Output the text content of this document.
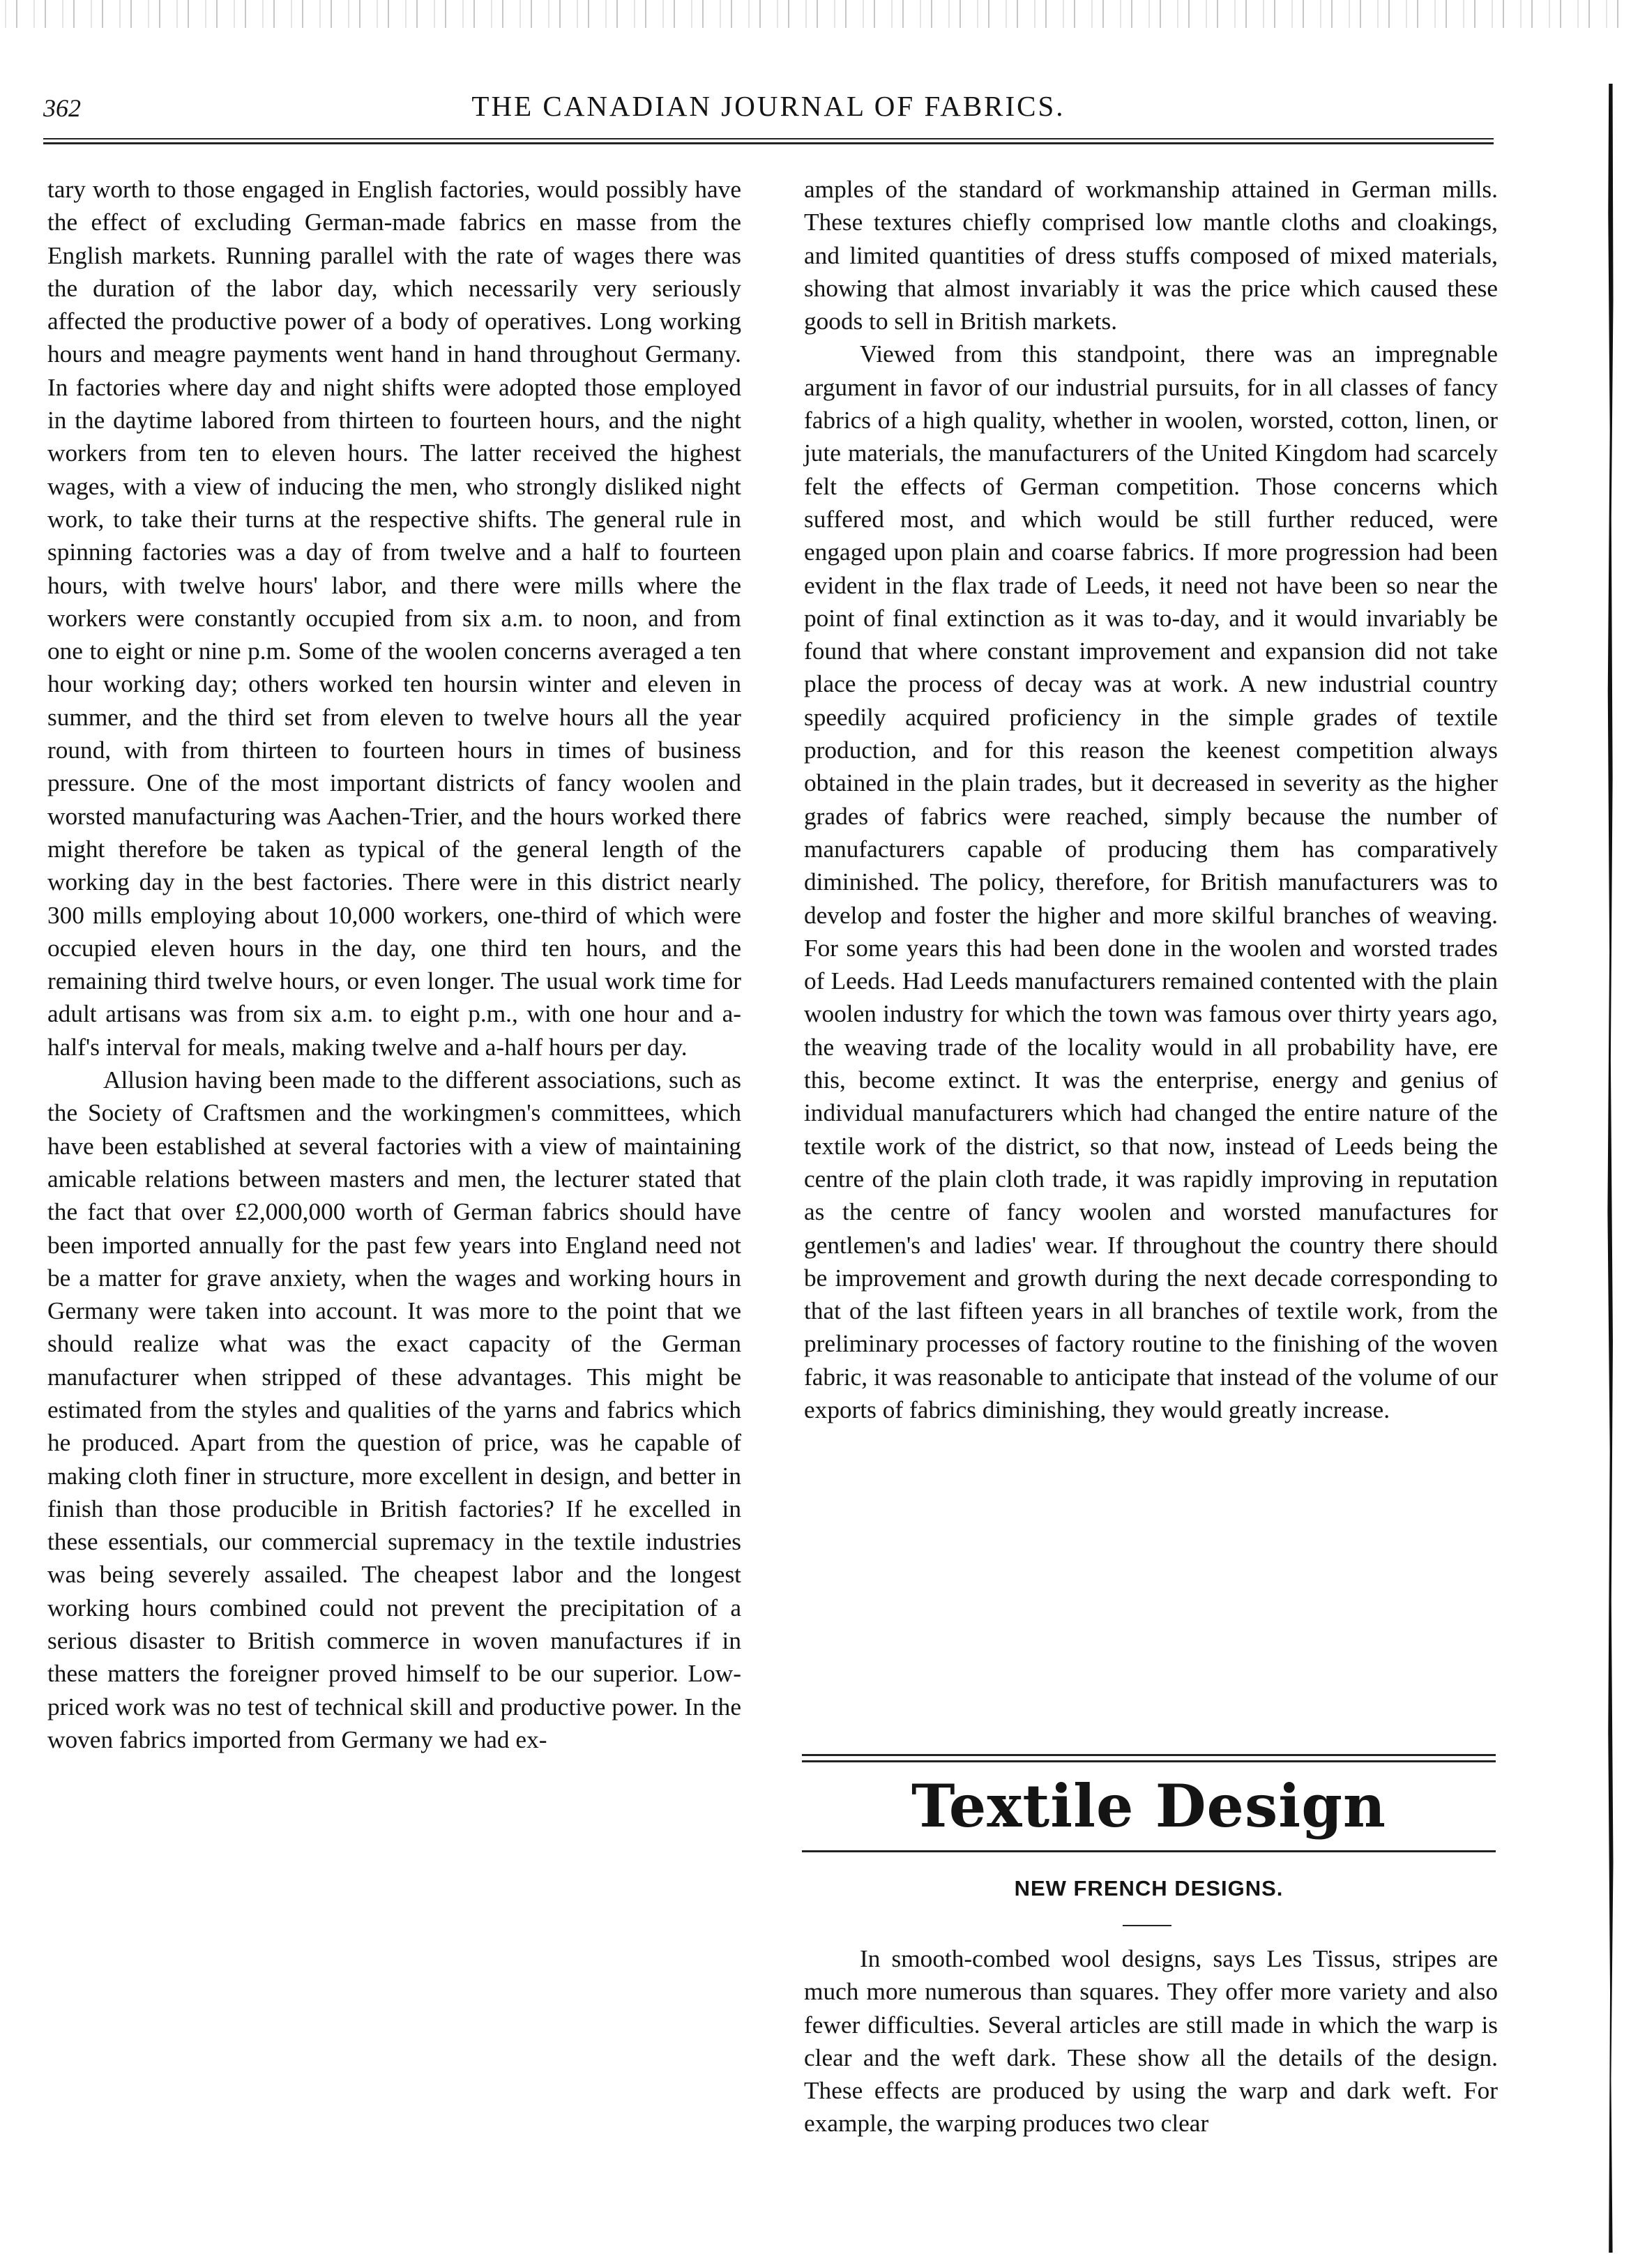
362	THE CANADIAN JOURNAL OF FABRICS.

tary worth to those engaged in English factories, would possibly have the effect of excluding German-made fabrics en masse from the English markets. Running parallel with the rate of wages there was the duration of the labor day, which necessarily very seriously affected the productive power of a body of operatives. Long working hours and meagre payments went hand in hand throughout Germany. In factories where day and night shifts were adopted those employed in the daytime labored from thirteen to fourteen hours, and the night workers from ten to eleven hours. The latter received the highest wages, with a view of inducing the men, who strongly disliked night work, to take their turns at the respective shifts. The general rule in spinning factories was a day of from twelve and a half to fourteen hours, with twelve hours' labor, and there were mills where the workers were constantly occupied from six a.m. to noon, and from one to eight or nine p.m. Some of the woolen concerns averaged a ten hour working day; others worked ten hoursin winter and eleven in summer, and the third set from eleven to twelve hours all the year round, with from thirteen to fourteen hours in times of business pressure. One of the most important districts of fancy woolen and worsted manufacturing was Aachen-Trier, and the hours worked there might therefore be taken as typical of the general length of the working day in the best factories. There were in this district nearly 300 mills employing about 10,000 workers, one-third of which were occupied eleven hours in the day, one third ten hours, and the remaining third twelve hours, or even longer. The usual work time for adult artisans was from six a.m. to eight p.m., with one hour and a-half's interval for meals, making twelve and a-half hours per day.

Allusion having been made to the different associations, such as the Society of Craftsmen and the workingmen's committees, which have been established at several factories with a view of maintaining amicable relations between masters and men, the lecturer stated that the fact that over £2,000,000 worth of German fabrics should have been imported annually for the past few years into England need not be a matter for grave anxiety, when the wages and working hours in Germany were taken into account. It was more to the point that we should realize what was the exact capacity of the German manufacturer when stripped of these advantages. This might be estimated from the styles and qualities of the yarns and fabrics which he produced. Apart from the question of price, was he capable of making cloth finer in structure, more excellent in design, and better in finish than those producible in British factories? If he excelled in these essentials, our commercial supremacy in the textile industries was being severely assailed. The cheapest labor and the longest working hours combined could not prevent the precipitation of a serious disaster to British commerce in woven manufactures if in these matters the foreigner proved himself to be our superior. Low-priced work was no test of technical skill and productive power. In the woven fabrics imported from Germany we had ex-

amples of the standard of workmanship attained in German mills. These textures chiefly comprised low mantle cloths and cloakings, and limited quantities of dress stuffs composed of mixed materials, showing that almost invariably it was the price which caused these goods to sell in British markets.

Viewed from this standpoint, there was an impregnable argument in favor of our industrial pursuits, for in all classes of fancy fabrics of a high quality, whether in woolen, worsted, cotton, linen, or jute materials, the manufacturers of the United Kingdom had scarcely felt the effects of German competition. Those concerns which suffered most, and which would be still further reduced, were engaged upon plain and coarse fabrics. If more progression had been evident in the flax trade of Leeds, it need not have been so near the point of final extinction as it was to-day, and it would invariably be found that where constant improvement and expansion did not take place the process of decay was at work. A new industrial country speedily acquired proficiency in the simple grades of textile production, and for this reason the keenest competition always obtained in the plain trades, but it decreased in severity as the higher grades of fabrics were reached, simply because the number of manufacturers capable of producing them has comparatively diminished. The policy, therefore, for British manufacturers was to develop and foster the higher and more skilful branches of weaving. For some years this had been done in the woolen and worsted trades of Leeds. Had Leeds manufacturers remained contented with the plain woolen industry for which the town was famous over thirty years ago, the weaving trade of the locality would in all probability have, ere this, become extinct. It was the enterprise, energy and genius of individual manufacturers which had changed the entire nature of the textile work of the district, so that now, instead of Leeds being the centre of the plain cloth trade, it was rapidly improving in reputation as the centre of fancy woolen and worsted manufactures for gentlemen's and ladies' wear. If throughout the country there should be improvement and growth during the next decade corresponding to that of the last fifteen years in all branches of textile work, from the preliminary processes of factory routine to the finishing of the woven fabric, it was reasonable to anticipate that instead of the volume of our exports of fabrics diminishing, they would greatly increase.

Textile Design
NEW FRENCH DESIGNS.

In smooth-combed wool designs, says Les Tissus, stripes are much more numerous than squares. They offer more variety and also fewer difficulties. Several articles are still made in which the warp is clear and the weft dark. These show all the details of the design. These effects are produced by using the warp and dark weft. For example, the warping produces two clear
